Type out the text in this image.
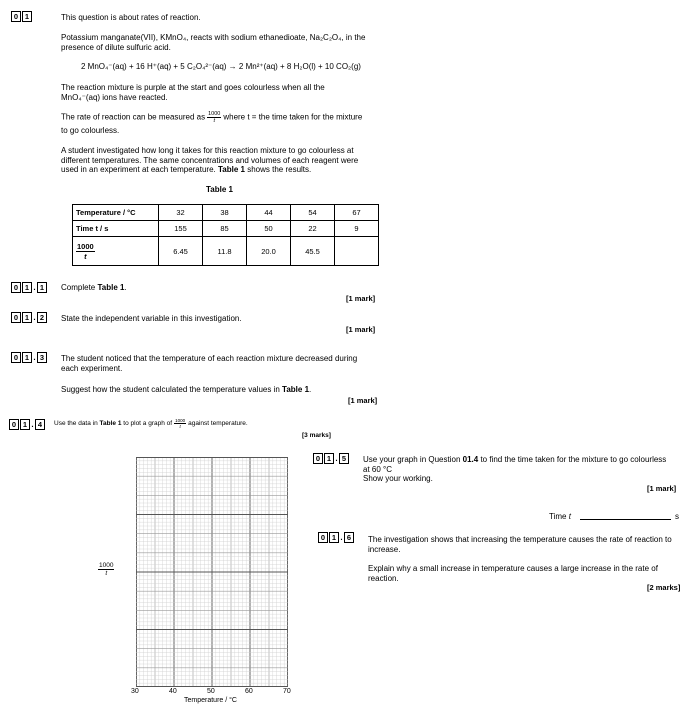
0 1	This question is about rates of reaction.

Potassium manganate(VII), KMnO₄, reacts with sodium ethanedioate, Na₂C₂O₄, in the

presence of dilute sulfuric acid.

2 MnO₄⁻(aq) + 16 H⁺(aq) + 5 C₂O₄²⁻(aq) → 2 Mn²⁺(aq) + 8 H₂O(l) + 10 CO₂(g)

The reaction mixture is purple at the start and goes colourless when all the

MnO₄⁻(aq) ions have reacted.

The rate of reaction can be measured as $\frac{1000}{t}$ where t = the time taken for the mixture

to go colourless.

A student investigated how long it takes for this reaction mixture to go colourless at

different temperatures. The same concentrations and volumes of each reagent were

used in an experiment at each temperature. Table 1 shows the results.

Table 1
Temperature / °C	32	38	44	54	67
Time t / s	155	85	50	22	9

$\frac{1000}{t}$	6.45	11.8	20.0	45.5	
0 1 . 1	Complete Table 1.
[1 mark]
0 1 . 2	State the independent variable in this investigation.
[1 mark]
0 1 . 3	The student noticed that the temperature of each reaction mixture decreased during

each experiment.

Suggest how the student calculated the temperature values in Table 1.
[1 mark]
0 1 . 4	Use the data in Table 1 to plot a graph of $\frac{1000}{t}$ against temperature.
[3 marks]
$\frac{1000}{t}$
30	40	50	60	70
Temperature / °C
0 1 . 5	Use your graph in Question 01.4 to find the time taken for the mixture to go colourless

at 60 °C

Show your working.

[1 mark]
Time t	s
0 1 . 6	The investigation shows that increasing the temperature causes the rate of reaction to

increase.

Explain why a small increase in temperature causes a large increase in the rate of

reaction.

[2 marks]
